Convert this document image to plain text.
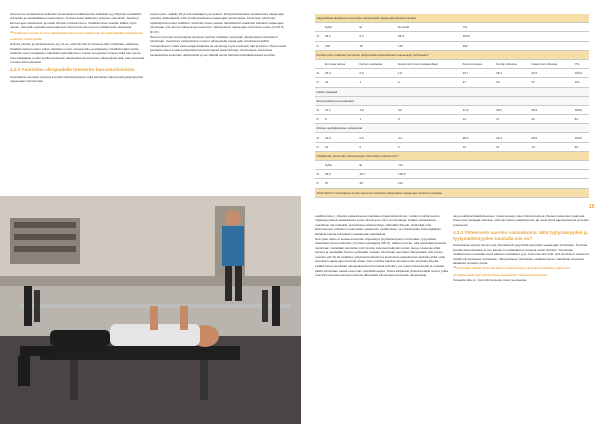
Avoimessa vastauksissa selkeästi ylivoimaisesti osallistumista selittävät syyt liittyivät sosiaalisiin suhteisiin ja mielekkääseen tekemiseen. Kotona kuluu tilastoiset yhteisen tekemisen, kaverien kanssa ajan viettämisen ja uusiin ihmisiin tutustumiseen. Osallistumisen koettiin lisäksi myös olevan, että siitä muutakin tekemistä kuin kotona istuminen ja voi viettää ilman tekemistä.

“Osallistun, koska en itse välttämättä keksi usein tekemistä. En kyllä kaikkiin tapahtumia osallistu, mutta yritän.

Kolmas yleinen ja yksinkertainen syy oli se, että toiminta on kivaa ja siihen halutaan osallistua. Osallistumattomuuden syiksi mainitaan muun muassa kiire ja aikataulut. Osallistumattomuutta selittivät myös sosiaalisten tilanteiden jännittäminen, kovien tai ujouden tunteet sekä tuen puute. Osa vastaajista ei ollut kuullut asuntolan ulkopuolisesta toiminnan ulkopuolella siitä, ettei toimintaa ei koeta kiinnostavaksi.

4.2.2 Asuntolan ulkopuolella toteutettu harrastustoiminta

Asuntolassa asuvista nuorista kysyttiin harrastamisesta sekä asuntolan ulkopuolella järjestetyistä vapaa-ajan toiminnoista.

puolet (esim. kaikille 20 ja että vastaajat kysymyksen. Erityisopiskeluissa opiskelevista vapaa-ajan nuorista opiskelijoista 14% oli ulkopuolisessa vapaa-ajan toiminnassa. Kertoneen toiminnan opiskelijoista puolet osallistui. Varsinkin toisen asteen harrastuksiin osallistuu kahdesti vapaa-ajan toimintaan noin kerran viikossa tai useammin. Ulkopuolisen vapaa-ajan toiminnan osuus oli (63 %, N=47).

Hieman yli puolet asuntolassa asuvista nuorista osallistuu asuntolan ulkopuolella toteutettuun toimintaan. Avoimissa vastauksissa nuorten ulkopuolella vapaa-ajan toimintaa kuvailtiin monipuolisesti; muita vastuuorganisaatioita tai toimintoja myös kuntosali, lajit ja kerhot. Nuoret eivät juurikaan olleet mukana järjestettyssä toiminnassa sekä kerhojen toiminnassa. Avoimissa vastauksissa asuntolan ulkopuolella ja sen lähellä olevia harrastusmahdollisuuksia toivottiin.

Järjestöllisiä tapahtumia asuntolan ulkopuolella vapaa-ajanottoetusvuosiksi							
	Kyllä	Ei	En tiedä	Yht.			
%	45,1	6,2	52,3	100,0			
N	128	18	154	292			
Kuinka usein osallistut asuntolan ulkopuolella toteutettavaan vapaa-ajan toimintaan?							
	En osaa sanoa	Kerran vuodessa	Harvemmin kuin kuukausittain	Kerran kuussa	Kerran viikossa	Useammin viikossa	Yht.
%	18,4	0,9	1,8	23,7	25,4	32,5	100,0
N	21	1	2	27	29	37	114
Kaikki vastaajat							
Erityisopiskelevat opiskelijat							
%	14,1	1,6	3,0	21,9	26,6	35,9	100,0
N	9	1	0	14	17	23	64
Muissa oppilaitoksissa opiskelevat							
%	24,5	0,0	4,1	28,4	22,4	28,6	100,0
N	12	0	2	10	11	14	49
Osallistutko asuntolan ulkopuoliseen toimintaan mieluummin?							
	Kyllä	Ei	Yht.				
%	59,3	40,7	100,0				
N	67	46	113				
TAULUKKO 3. Asuntolassa nuorten asuminen asuntolan ulkopuolisen vapaa-ajan toiminnan puolesta.							

osallistuminen, yhteisiä vastauksessa mainitaan ohjaamistoiminnan. Lisäksi nuorilta kuuluu ohjaavaa näissä vastauksissa myös nimeä amu sumi nuorisotaloja. Lisäksi vastauksissa mainittuun sammakoille, ja koulussa seikä kerhoja, vähintään liittyvät, opiskelijat ovat kiinnostuneet erilaisten nuorisoalan vastausten esittämiseen, ja minkä kautta niitä oppilaisiin kaltaista tulosta toimintaan vastaamaan tarkoittavat.

Noin joka viides ei koisaa asuntolan ohjausta ja tytyväisiä kyselyn toimintaan, tyytyväisiä vaikuttaisi olevan kuitenkin yli puolet vastaajista (58 %). Jälkeen kerran, että opiskelijat kertoivat toimintaan mielellään asuntolan (sic) sivulla, kuuluvat kuitenkin eniten tietoa, koskevat ehkä toisena ja vastaajilla. Nuoret opiskelijat mukaan toimintaan asuntolan ulkopuolella. Alle puolet nuorista (42 %) tai osallistuu erityisesti kuitenkin ja avoimissa vastauksissa selvistä syistä, mitä asuntolan vapaa-ajan toiminta antaa. Osa nuorista harrasti sinnelle ilman erityistä yhteyttä.

Lisäksi tietoa asuntolan ulkopuolisesta toiminnasta toivottiin, jos nuoret kiinnostuvat ja mukaan pitäisi toimintaan saada enemmän mahdollisuuksia. Tietoa kaipaavat yhdessä kaikki nuoret, jotka ovat kiinnostuneet kaverien kanssa lähtevästä toiminnasta asuntolan ulkopuolelle.

vaya osallistumisaktiivisuuteen mutta samoja, kuten kiinnostusta ja yhteisen tekemisen kaipuuta. Useimmat vastaajat totesivat, että toimintaan osallistuminen jäi usein kiinni ajanpuutteesta ja tiedon puutteesta.

4.2.3 Yhteenveto nuorten vastauksista: Mitä tyytyväisyyden ja tyytymättömyyden taustalla siis on?

Asuntolassa asuvat nuoret ovat yhtenäisesti tyytyväisiä asuntolan vapaa-ajan toimintaan. Toiminta koettiin kiinnostavaksi ja sen kautta on mahdollisuus tutustua uusiin ihmisiin. Toimintaan osallistumisen taustalla olivat pääosin sosiaaliset syyt. Osa kuitenkin koki, että toiminta ei vastannut heidän kiinnostuksen kohteitaan. Ulkopuoliseen toimintaan osallistumiseen vaikuttivat erityisesti aikataulut ja tiedon puute.

“En mukaa viettää yhdessä aikaa muiden kanssa ja jotkut asukkaat, jotka ovat yksinäisempiä kuin minä pääsee kavereiden mukaan toimintaan.

Toisaalta tulla on myös kiinnostusta, kuten seuraavaa.

15
